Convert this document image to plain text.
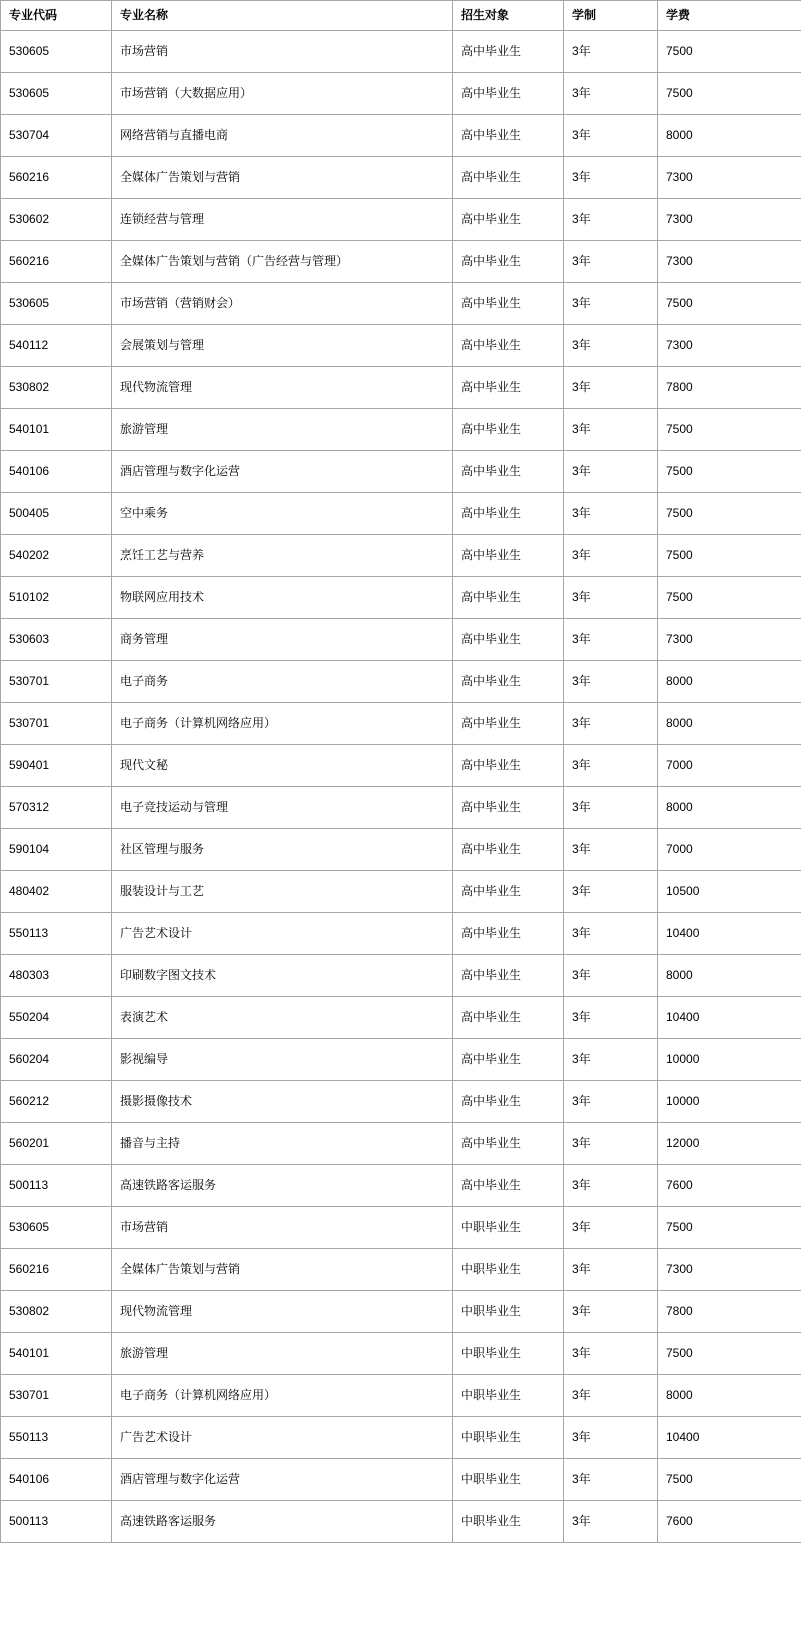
专业代码	专业名称	招生对象	学制	学费
530605	市场营销	高中毕业生	3年	7500
530605	市场营销（大数据应用）	高中毕业生	3年	7500
530704	网络营销与直播电商	高中毕业生	3年	8000
560216	全媒体广告策划与营销	高中毕业生	3年	7300
530602	连锁经营与管理	高中毕业生	3年	7300
560216	全媒体广告策划与营销（广告经营与管理）	高中毕业生	3年	7300
530605	市场营销（营销财会）	高中毕业生	3年	7500
540112	会展策划与管理	高中毕业生	3年	7300
530802	现代物流管理	高中毕业生	3年	7800
540101	旅游管理	高中毕业生	3年	7500
540106	酒店管理与数字化运营	高中毕业生	3年	7500
500405	空中乘务	高中毕业生	3年	7500
540202	烹饪工艺与营养	高中毕业生	3年	7500
510102	物联网应用技术	高中毕业生	3年	7500
530603	商务管理	高中毕业生	3年	7300
530701	电子商务	高中毕业生	3年	8000
530701	电子商务（计算机网络应用）	高中毕业生	3年	8000
590401	现代文秘	高中毕业生	3年	7000
570312	电子竞技运动与管理	高中毕业生	3年	8000
590104	社区管理与服务	高中毕业生	3年	7000
480402	服装设计与工艺	高中毕业生	3年	10500
550113	广告艺术设计	高中毕业生	3年	10400
480303	印刷数字图文技术	高中毕业生	3年	8000
550204	表演艺术	高中毕业生	3年	10400
560204	影视编导	高中毕业生	3年	10000
560212	摄影摄像技术	高中毕业生	3年	10000
560201	播音与主持	高中毕业生	3年	12000
500113	高速铁路客运服务	高中毕业生	3年	7600
530605	市场营销	中职毕业生	3年	7500
560216	全媒体广告策划与营销	中职毕业生	3年	7300
530802	现代物流管理	中职毕业生	3年	7800
540101	旅游管理	中职毕业生	3年	7500
530701	电子商务（计算机网络应用）	中职毕业生	3年	8000
550113	广告艺术设计	中职毕业生	3年	10400
540106	酒店管理与数字化运营	中职毕业生	3年	7500
500113	高速铁路客运服务	中职毕业生	3年	7600
